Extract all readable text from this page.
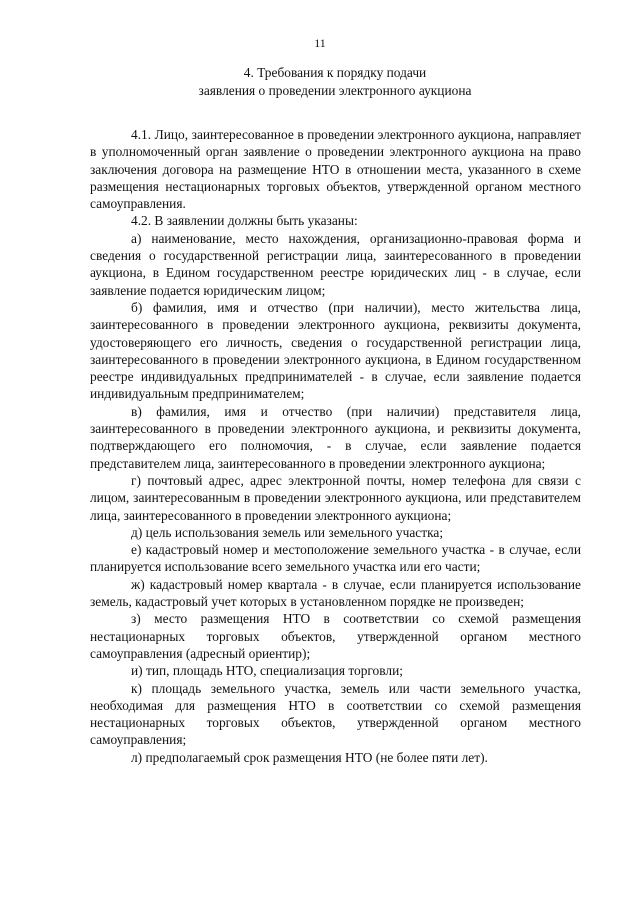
11
4. Требования к порядку подачи
заявления о проведении электронного аукциона

4.1. Лицо, заинтересованное в проведении электронного аукциона, направляет в уполномоченный орган заявление о проведении электронного аукциона на право заключения договора на размещение НТО в отношении места, указанного в схеме размещения нестационарных торговых объектов, утвержденной органом местного самоуправления.

4.2. В заявлении должны быть указаны:

а) наименование, место нахождения, организационно-правовая форма и сведения о государственной регистрации лица, заинтересованного в проведении аукциона, в Едином государственном реестре юридических лиц - в случае, если заявление подается юридическим лицом;

б) фамилия, имя и отчество (при наличии), место жительства лица, заинтересованного в проведении электронного аукциона, реквизиты документа, удостоверяющего его личность, сведения о государственной регистрации лица, заинтересованного в проведении электронного аукциона, в Едином государственном реестре индивидуальных предпринимателей - в случае, если заявление подается индивидуальным предпринимателем;

в) фамилия, имя и отчество (при наличии) представителя лица, заинтересованного в проведении электронного аукциона, и реквизиты документа, подтверждающего его полномочия, - в случае, если заявление подается представителем лица, заинтересованного в проведении электронного аукциона;

г) почтовый адрес, адрес электронной почты, номер телефона для связи с лицом, заинтересованным в проведении электронного аукциона, или представителем лица, заинтересованного в проведении электронного аукциона;

д) цель использования земель или земельного участка;

е) кадастровый номер и местоположение земельного участка - в случае, если планируется использование всего земельного участка или его части;

ж) кадастровый номер квартала - в случае, если планируется использование земель, кадастровый учет которых в установленном порядке не произведен;

з) место размещения НТО в соответствии со схемой размещения нестационарных торговых объектов, утвержденной органом местного самоуправления (адресный ориентир);

и) тип, площадь НТО, специализация торговли;

к) площадь земельного участка, земель или части земельного участка, необходимая для размещения НТО в соответствии со схемой размещения нестационарных торговых объектов, утвержденной органом местного самоуправления;

л) предполагаемый срок размещения НТО (не более пяти лет).
